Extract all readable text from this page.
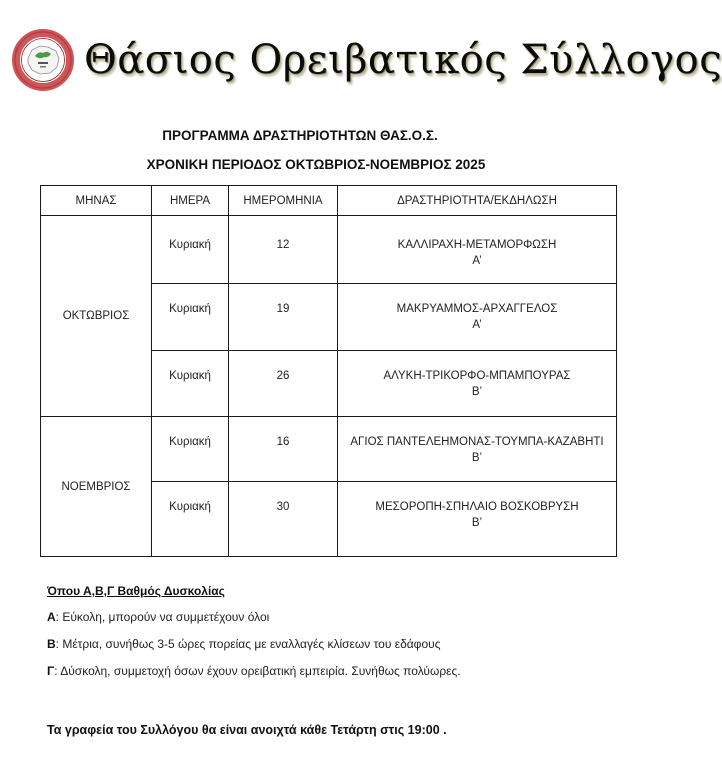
Θάσιος Ορειβατικός Σύλλογος
ΠΡΟΓΡΑΜΜΑ ΔΡΑΣΤΗΡΙΟΤΗΤΩΝ ΘΑΣ.Ο.Σ.
ΧΡΟΝΙΚΗ ΠΕΡΙΟΔΟΣ ΟΚΤΩΒΡΙΟΣ-ΝΟΕΜΒΡΙΟΣ 2025
ΜΗΝΑΣ	ΗΜΕΡΑ	ΗΜΕΡΟΜΗΝΙΑ	ΔΡΑΣΤΗΡΙΟΤΗΤΑ/ΕΚΔΗΛΩΣΗ
ΟΚΤΩΒΡΙΟΣ	Κυριακή	12	ΚΑΛΛΙΡΑΧΗ-ΜΕΤΑΜΟΡΦΩΣΗ
Α’

	Κυριακή	19	ΜΑΚΡΥΑΜΜΟΣ-ΑΡΧΑΓΓΕΛΟΣ
Α’

	Κυριακή	26	ΑΛΥΚΗ-ΤΡΙΚΟΡΦΟ-ΜΠΑΜΠΟΥΡΑΣ
Β’

ΝΟΕΜΒΡΙΟΣ	Κυριακή	16	ΑΓΙΟΣ ΠΑΝΤΕΛΕΗΜΟΝΑΣ-ΤΟΥΜΠΑ-ΚΑΖΑΒΗΤΙ
Β’

	Κυριακή	30	ΜΕΣΟΡΟΠΗ-ΣΠΗΛΑΙΟ ΒΟΣΚΟΒΡΥΣΗ
Β’
Όπου Α,Β,Γ Βαθμός Δυσκολίας
Α: Εύκολη, μπορούν να συμμετέχουν όλοι
Β: Μέτρια, συνήθως 3-5 ώρες πορείας με εναλλαγές κλίσεων του εδάφους
Γ: Δύσκολη, συμμετοχή όσων έχουν ορειβατική εμπειρία. Συνήθως πολύωρες.
Τα γραφεία του Συλλόγου θα είναι ανοιχτά κάθε Τετάρτη στις 19:00 .
